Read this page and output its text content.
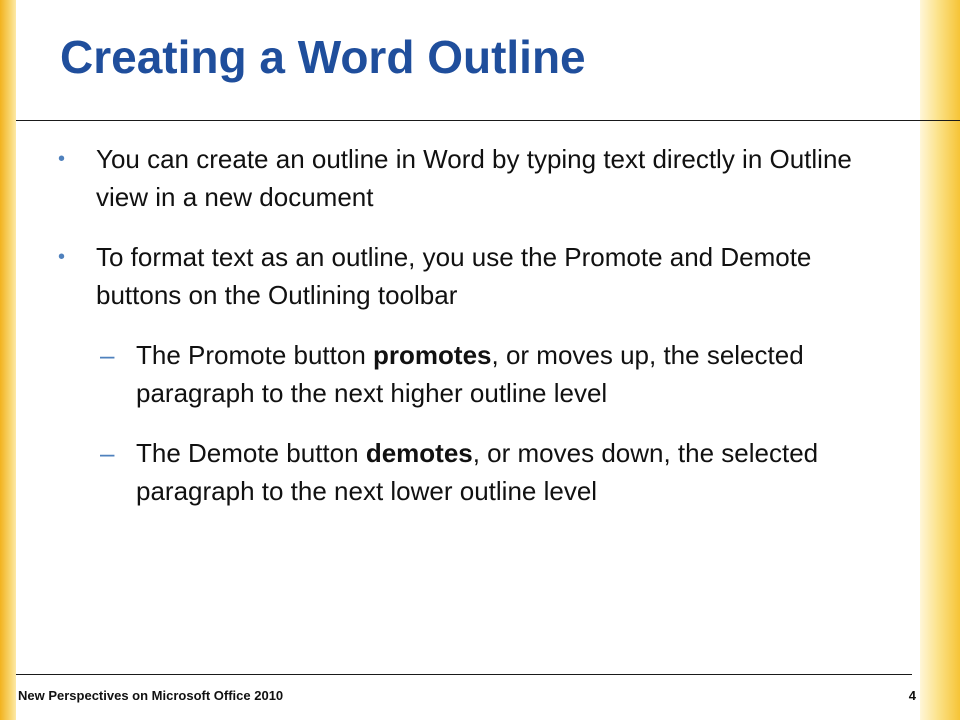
Creating a Word Outline
• You can create an outline in Word by typing text directly in Outline view in a new document
• To format text as an outline, you use the Promote and Demote buttons on the Outlining toolbar
– The Promote button promotes, or moves up, the selected paragraph to the next higher outline level
– The Demote button demotes, or moves down, the selected paragraph to the next lower outline level
New Perspectives on Microsoft Office 2010	4
